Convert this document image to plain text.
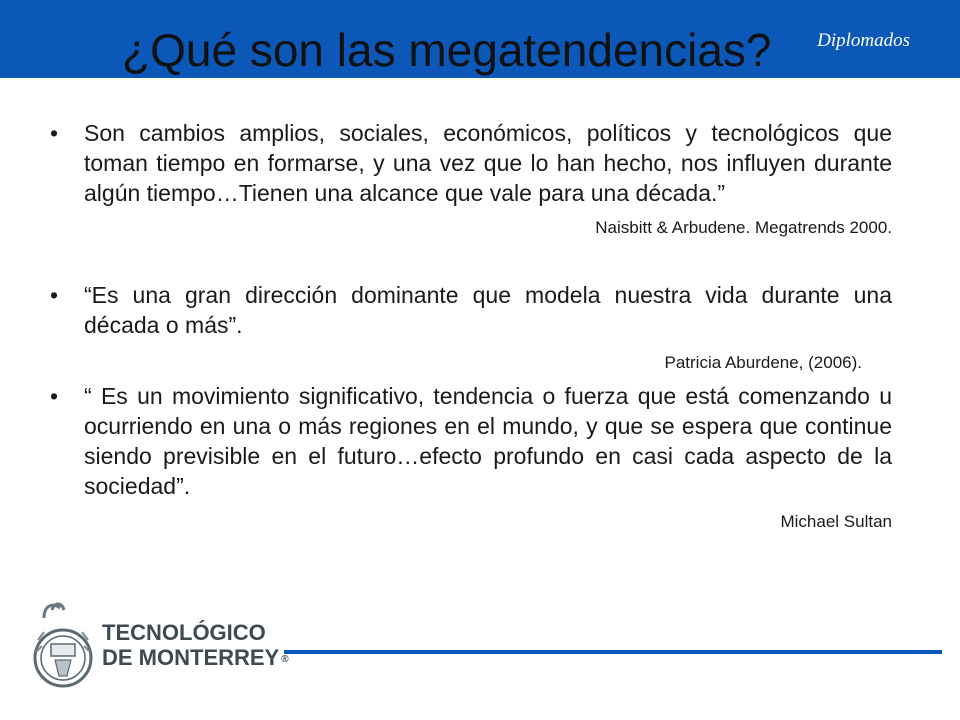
Diplomados
¿Qué son las megatendencias?
• Son cambios amplios, sociales, económicos, políticos y tecnológicos que toman tiempo en formarse, y una vez que lo han hecho, nos influyen durante algún tiempo…Tienen una alcance que vale para una década.”
Naisbitt & Arbudene. Megatrends 2000.
• “Es una gran dirección dominante que modela nuestra vida durante una década o más”.
Patricia Aburdene, (2006).
• “ Es un movimiento significativo, tendencia o fuerza que está comenzando u ocurriendo en una o más regiones en el mundo, y que se espera que continue siendo previsible en el futuro…efecto profundo en casi cada aspecto de la sociedad”.
Michael Sultan
TECNOLÓGICO
DE MONTERREY ®
